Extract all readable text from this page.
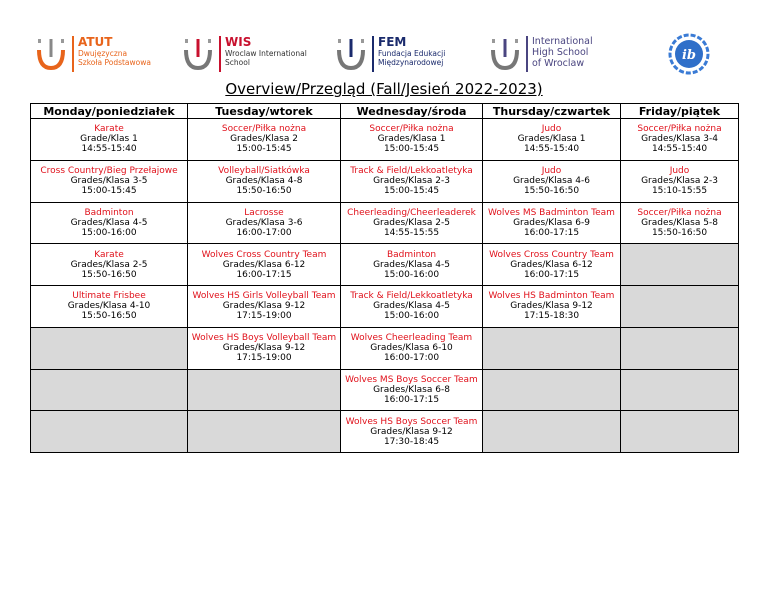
ATUT
Dwujęzyczna
Szkoła Podstawowa
WIS
Wroclaw International
School
FEM
Fundacja Edukacji
Międzynarodowej
International
High School
of Wroclaw
ib
Overview/Przegląd (Fall/Jesień 2022-2023)
Monday/poniedziałek	Tuesday/wtorek	Wednesday/środa	Thursday/czwartek	Friday/piątek

Karate
Grade/Klas 1
14:55-15:40	Soccer/Piłka nożna
Grades/Klasa 2
15:00-15:45	Soccer/Piłka nożna
Grades/Klasa 1
15:00-15:45	Judo
Grades/Klasa 1
14:55-15:40	Soccer/Piłka nożna
Grades/Klasa 3-4
14:55-15:40

Cross Country/Bieg Przełajowe
Grades/Klasa 3-5
15:00-15:45	Volleyball/Siatkówka
Grades/Klasa 4-8
15:50-16:50	Track & Field/Lekkoatletyka
Grades/Klasa 2-3
15:00-15:45	Judo
Grades/Klasa 4-6
15:50-16:50	Judo
Grades/Klasa 2-3
15:10-15:55

Badminton
Grades/Klasa 4-5
15:00-16:00	Lacrosse
Grades/Klasa 3-6
16:00-17:00	Cheerleading/Cheerleaderek
Grades/Klasa 2-5
14:55-15:55	Wolves MS Badminton Team
Grades/Klasa 6-9
16:00-17:15	Soccer/Piłka nożna
Grades/Klasa 5-8
15:50-16:50

Karate
Grades/Klasa 2-5
15:50-16:50	Wolves Cross Country Team
Grades/Klasa 6-12
16:00-17:15	Badminton
Grades/Klasa 4-5
15:00-16:00	Wolves Cross Country Team
Grades/Klasa 6-12
16:00-17:15	

Ultimate Frisbee
Grades/Klasa 4-10
15:50-16:50	Wolves HS Girls Volleyball Team
Grades/Klasa 9-12
17:15-19:00	Track & Field/Lekkoatletyka
Grades/Klasa 4-5
15:00-16:00	Wolves HS Badminton Team
Grades/Klasa 9-12
17:15-18:30	

	Wolves HS Boys Volleyball Team
Grades/Klasa 9-12
17:15-19:00	Wolves Cheerleading Team
Grades/Klasa 6-10
16:00-17:00		

		Wolves MS Boys Soccer Team
Grades/Klasa 6-8
16:00-17:15		

		Wolves HS Boys Soccer Team
Grades/Klasa 9-12
17:30-18:45		
